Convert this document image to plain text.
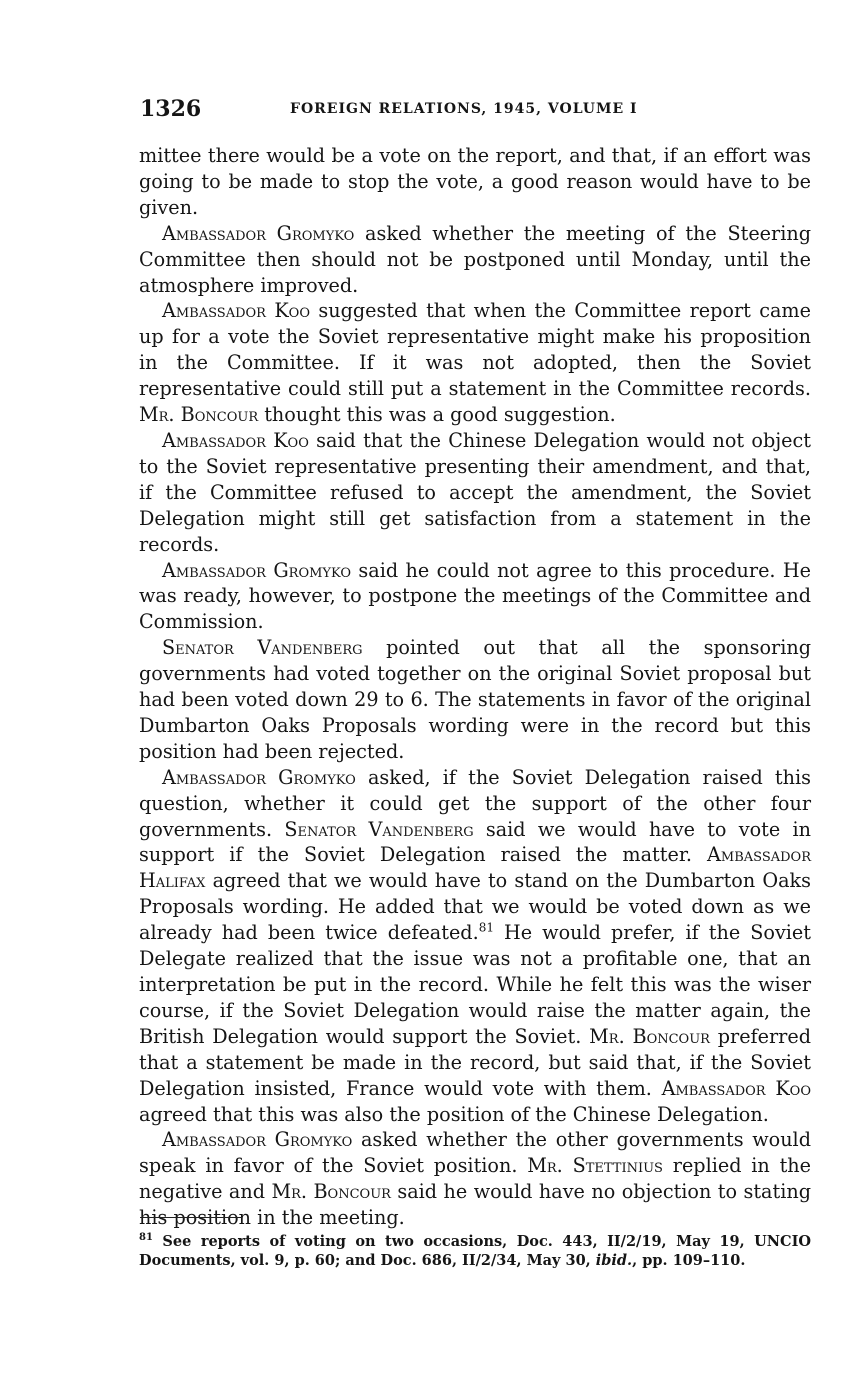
1326	FOREIGN RELATIONS, 1945, VOLUME I

mittee there would be a vote on the report, and that, if an effort was going to be made to stop the vote, a good reason would have to be given.

Ambassador Gromyko asked whether the meeting of the Steering Committee then should not be postponed until Monday, until the atmosphere improved.

Ambassador Koo suggested that when the Committee report came up for a vote the Soviet representative might make his proposition in the Committee. If it was not adopted, then the Soviet representative could still put a statement in the Committee records. Mr. Boncour thought this was a good suggestion.

Ambassador Koo said that the Chinese Delegation would not object to the Soviet representative presenting their amendment, and that, if the Committee refused to accept the amendment, the Soviet Delegation might still get satisfaction from a statement in the records.

Ambassador Gromyko said he could not agree to this procedure. He was ready, however, to postpone the meetings of the Committee and Commission.

Senator Vandenberg pointed out that all the sponsoring governments had voted together on the original Soviet proposal but had been voted down 29 to 6. The statements in favor of the original Dumbarton Oaks Proposals wording were in the record but this position had been rejected.

Ambassador Gromyko asked, if the Soviet Delegation raised this question, whether it could get the support of the other four governments. Senator Vandenberg said we would have to vote in support if the Soviet Delegation raised the matter. Ambassador Halifax agreed that we would have to stand on the Dumbarton Oaks Proposals wording. He added that we would be voted down as we already had been twice defeated.$^{81}$ He would prefer, if the Soviet Delegate realized that the issue was not a profitable one, that an interpretation be put in the record. While he felt this was the wiser course, if the Soviet Delegation would raise the matter again, the British Delegation would support the Soviet. Mr. Boncour preferred that a statement be made in the record, but said that, if the Soviet Delegation insisted, France would vote with them. Ambassador Koo agreed that this was also the position of the Chinese Delegation.

Ambassador Gromyko asked whether the other governments would speak in favor of the Soviet position. Mr. Stettinius replied in the negative and Mr. Boncour said he would have no objection to stating his position in the meeting.

$^{81}$ See reports of voting on two occasions, Doc. 443, II/2/19, May 19, UNCIO Documents, vol. 9, p. 60; and Doc. 686, II/2/34, May 30, ibid., pp. 109–110.
